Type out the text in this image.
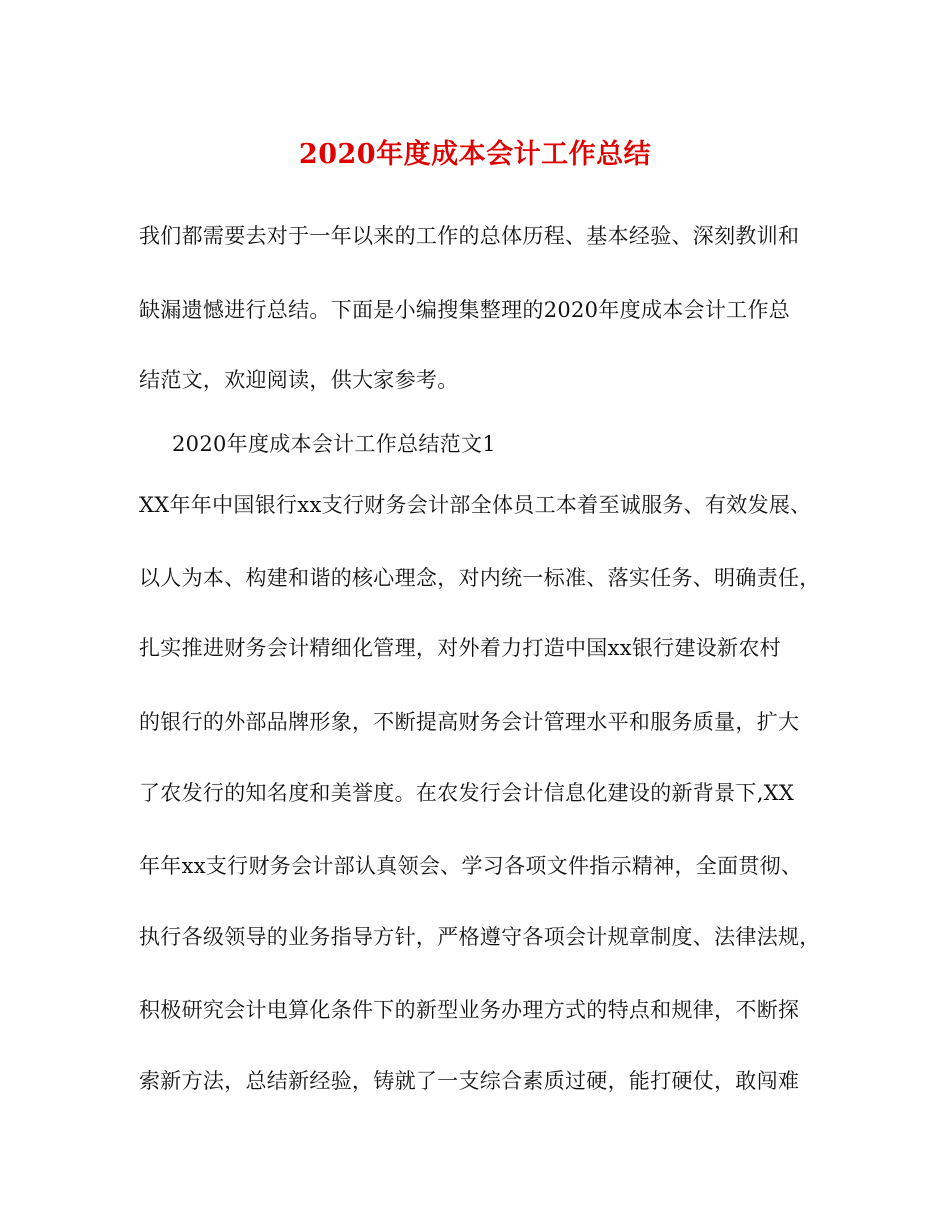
2020年度成本会计工作总结
我们都需要去对于一年以来的工作的总体历程、基本经验、深刻教训和
缺漏遗憾进行总结。下面是小编搜集整理的2020年度成本会计工作总
结范文，欢迎阅读，供大家参考。
2020年度成本会计工作总结范文1
XX年年中国银行xx支行财务会计部全体员工本着至诚服务、有效发展、
以人为本、构建和谐的核心理念，对内统一标准、落实任务、明确责任，
扎实推进财务会计精细化管理，对外着力打造中国xx银行建设新农村
的银行的外部品牌形象，不断提高财务会计管理水平和服务质量，扩大
了农发行的知名度和美誉度。在农发行会计信息化建设的新背景下,XX
年年xx支行财务会计部认真领会、学习各项文件指示精神，全面贯彻、
执行各级领导的业务指导方针，严格遵守各项会计规章制度、法律法规，
积极研究会计电算化条件下的新型业务办理方式的特点和规律，不断探
索新方法，总结新经验，铸就了一支综合素质过硬，能打硬仗，敢闯难
